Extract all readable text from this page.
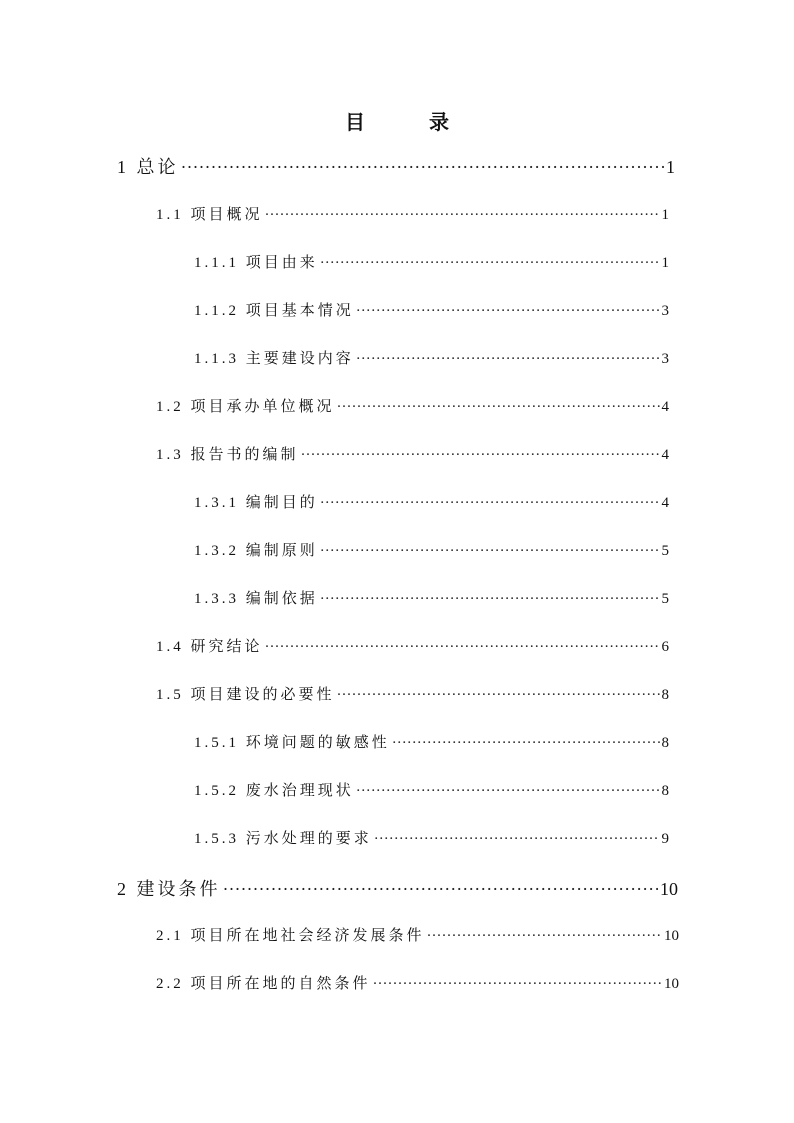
目　录
1 总论 ·····	1
1.1 项目概况 ·····	1
1.1.1 项目由来 ·····	1
1.1.2 项目基本情况 ·····	3
1.1.3 主要建设内容 ·····	3
1.2 项目承办单位概况 ·····	4
1.3 报告书的编制 ·····	4
1.3.1 编制目的 ·····	4
1.3.2 编制原则 ·····	5
1.3.3 编制依据 ·····	5
1.4 研究结论 ·····	6
1.5 项目建设的必要性 ·····	8
1.5.1 环境问题的敏感性 ·····	8
1.5.2 废水治理现状 ·····	8
1.5.3 污水处理的要求 ·····	9
2 建设条件 ·····	10
2.1 项目所在地社会经济发展条件 ·····	10
2.2 项目所在地的自然条件 ·····	10
